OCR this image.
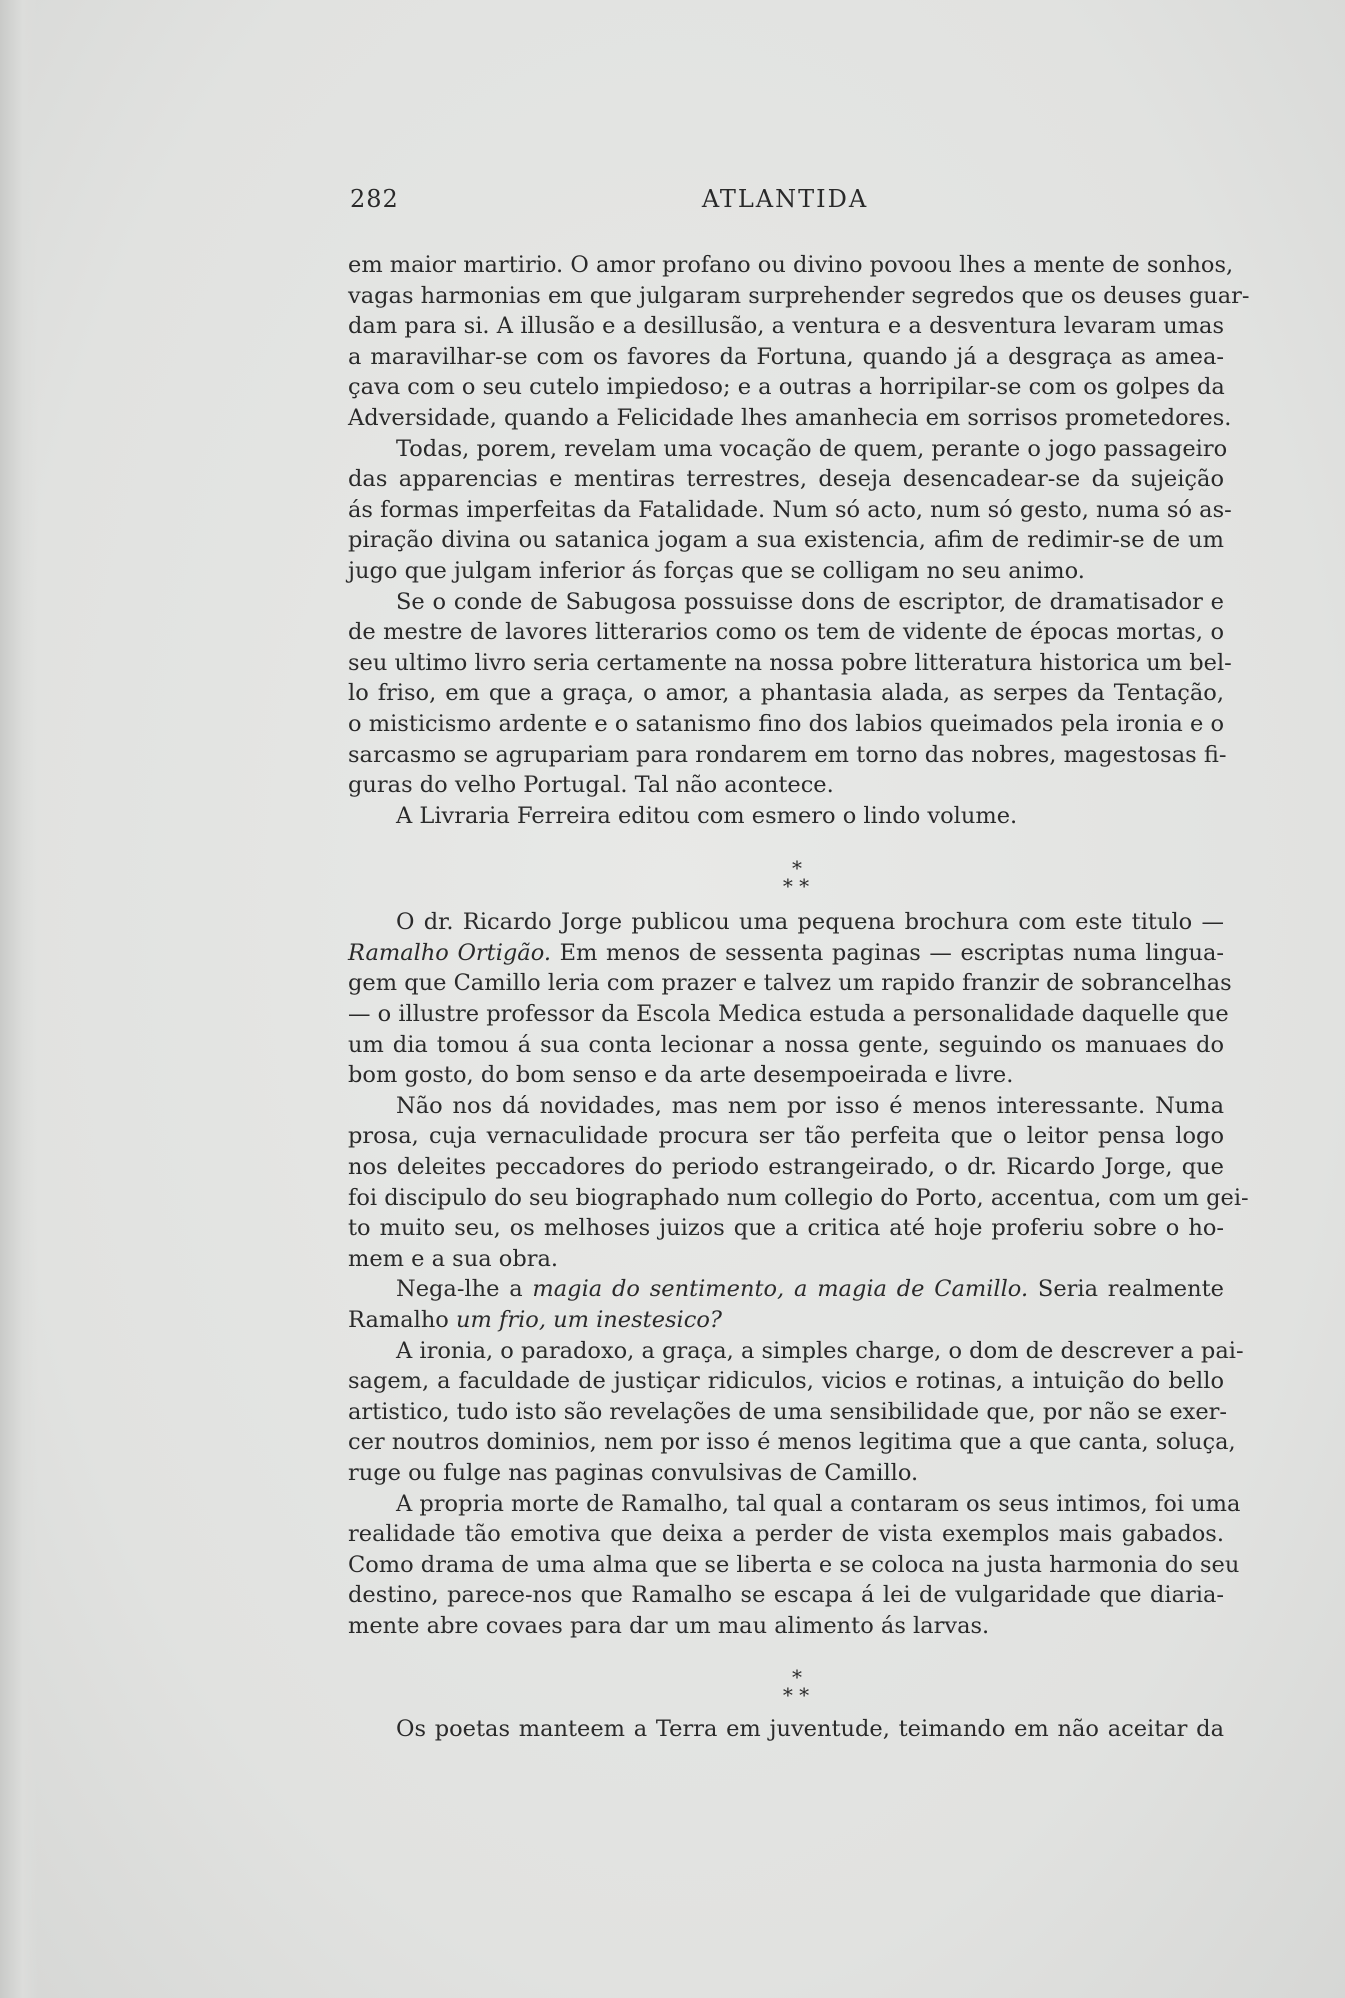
282	ATLANTIDA
em maior martirio. O amor profano ou divino povoou lhes a mente de sonhos,
vagas harmonias em que julgaram surprehender segredos que os deuses guar-
dam para si. A illusão e a desillusão, a ventura e a desventura levaram umas
a maravilhar-se com os favores da Fortuna, quando já a desgraça as amea-
çava com o seu cutelo impiedoso; e a outras a horripilar-se com os golpes da
Adversidade, quando a Felicidade lhes amanhecia em sorrisos prometedores.
Todas, porem, revelam uma vocação de quem, perante o jogo passageiro
das apparencias e mentiras terrestres, deseja desencadear-se da sujeição
ás formas imperfeitas da Fatalidade. Num só acto, num só gesto, numa só as-
piração divina ou satanica jogam a sua existencia, afim de redimir-se de um
jugo que julgam inferior ás forças que se colligam no seu animo.
Se o conde de Sabugosa possuisse dons de escriptor, de dramatisador e
de mestre de lavores litterarios como os tem de vidente de épocas mortas, o
seu ultimo livro seria certamente na nossa pobre litteratura historica um bel-
lo friso, em que a graça, o amor, a phantasia alada, as serpes da Tentação,
o misticismo ardente e o satanismo fino dos labios queimados pela ironia e o
sarcasmo se agrupariam para rondarem em torno das nobres, magestosas fi-
guras do velho Portugal. Tal não acontece.
A Livraria Ferreira editou com esmero o lindo volume.
*

* *
O dr. Ricardo Jorge publicou uma pequena brochura com este titulo —
Ramalho Ortigão. Em menos de sessenta paginas — escriptas numa lingua-
gem que Camillo leria com prazer e talvez um rapido franzir de sobrancelhas
— o illustre professor da Escola Medica estuda a personalidade daquelle que
um dia tomou á sua conta lecionar a nossa gente, seguindo os manuaes do
bom gosto, do bom senso e da arte desempoeirada e livre.
Não nos dá novidades, mas nem por isso é menos interessante. Numa
prosa, cuja vernaculidade procura ser tão perfeita que o leitor pensa logo
nos deleites peccadores do periodo estrangeirado, o dr. Ricardo Jorge, que
foi discipulo do seu biographado num collegio do Porto, accentua, com um gei-
to muito seu, os melhoses juizos que a critica até hoje proferiu sobre o ho-
mem e a sua obra.
Nega-lhe a magia do sentimento, a magia de Camillo. Seria realmente
Ramalho um frio, um inestesico?
A ironia, o paradoxo, a graça, a simples charge, o dom de descrever a pai-
sagem, a faculdade de justiçar ridiculos, vicios e rotinas, a intuição do bello
artistico, tudo isto são revelações de uma sensibilidade que, por não se exer-
cer noutros dominios, nem por isso é menos legitima que a que canta, soluça,
ruge ou fulge nas paginas convulsivas de Camillo.
A propria morte de Ramalho, tal qual a contaram os seus intimos, foi uma
realidade tão emotiva que deixa a perder de vista exemplos mais gabados.
Como drama de uma alma que se liberta e se coloca na justa harmonia do seu
destino, parece-nos que Ramalho se escapa á lei de vulgaridade que diaria-
mente abre covaes para dar um mau alimento ás larvas.
*

* *
Os poetas manteem a Terra em juventude, teimando em não aceitar da
